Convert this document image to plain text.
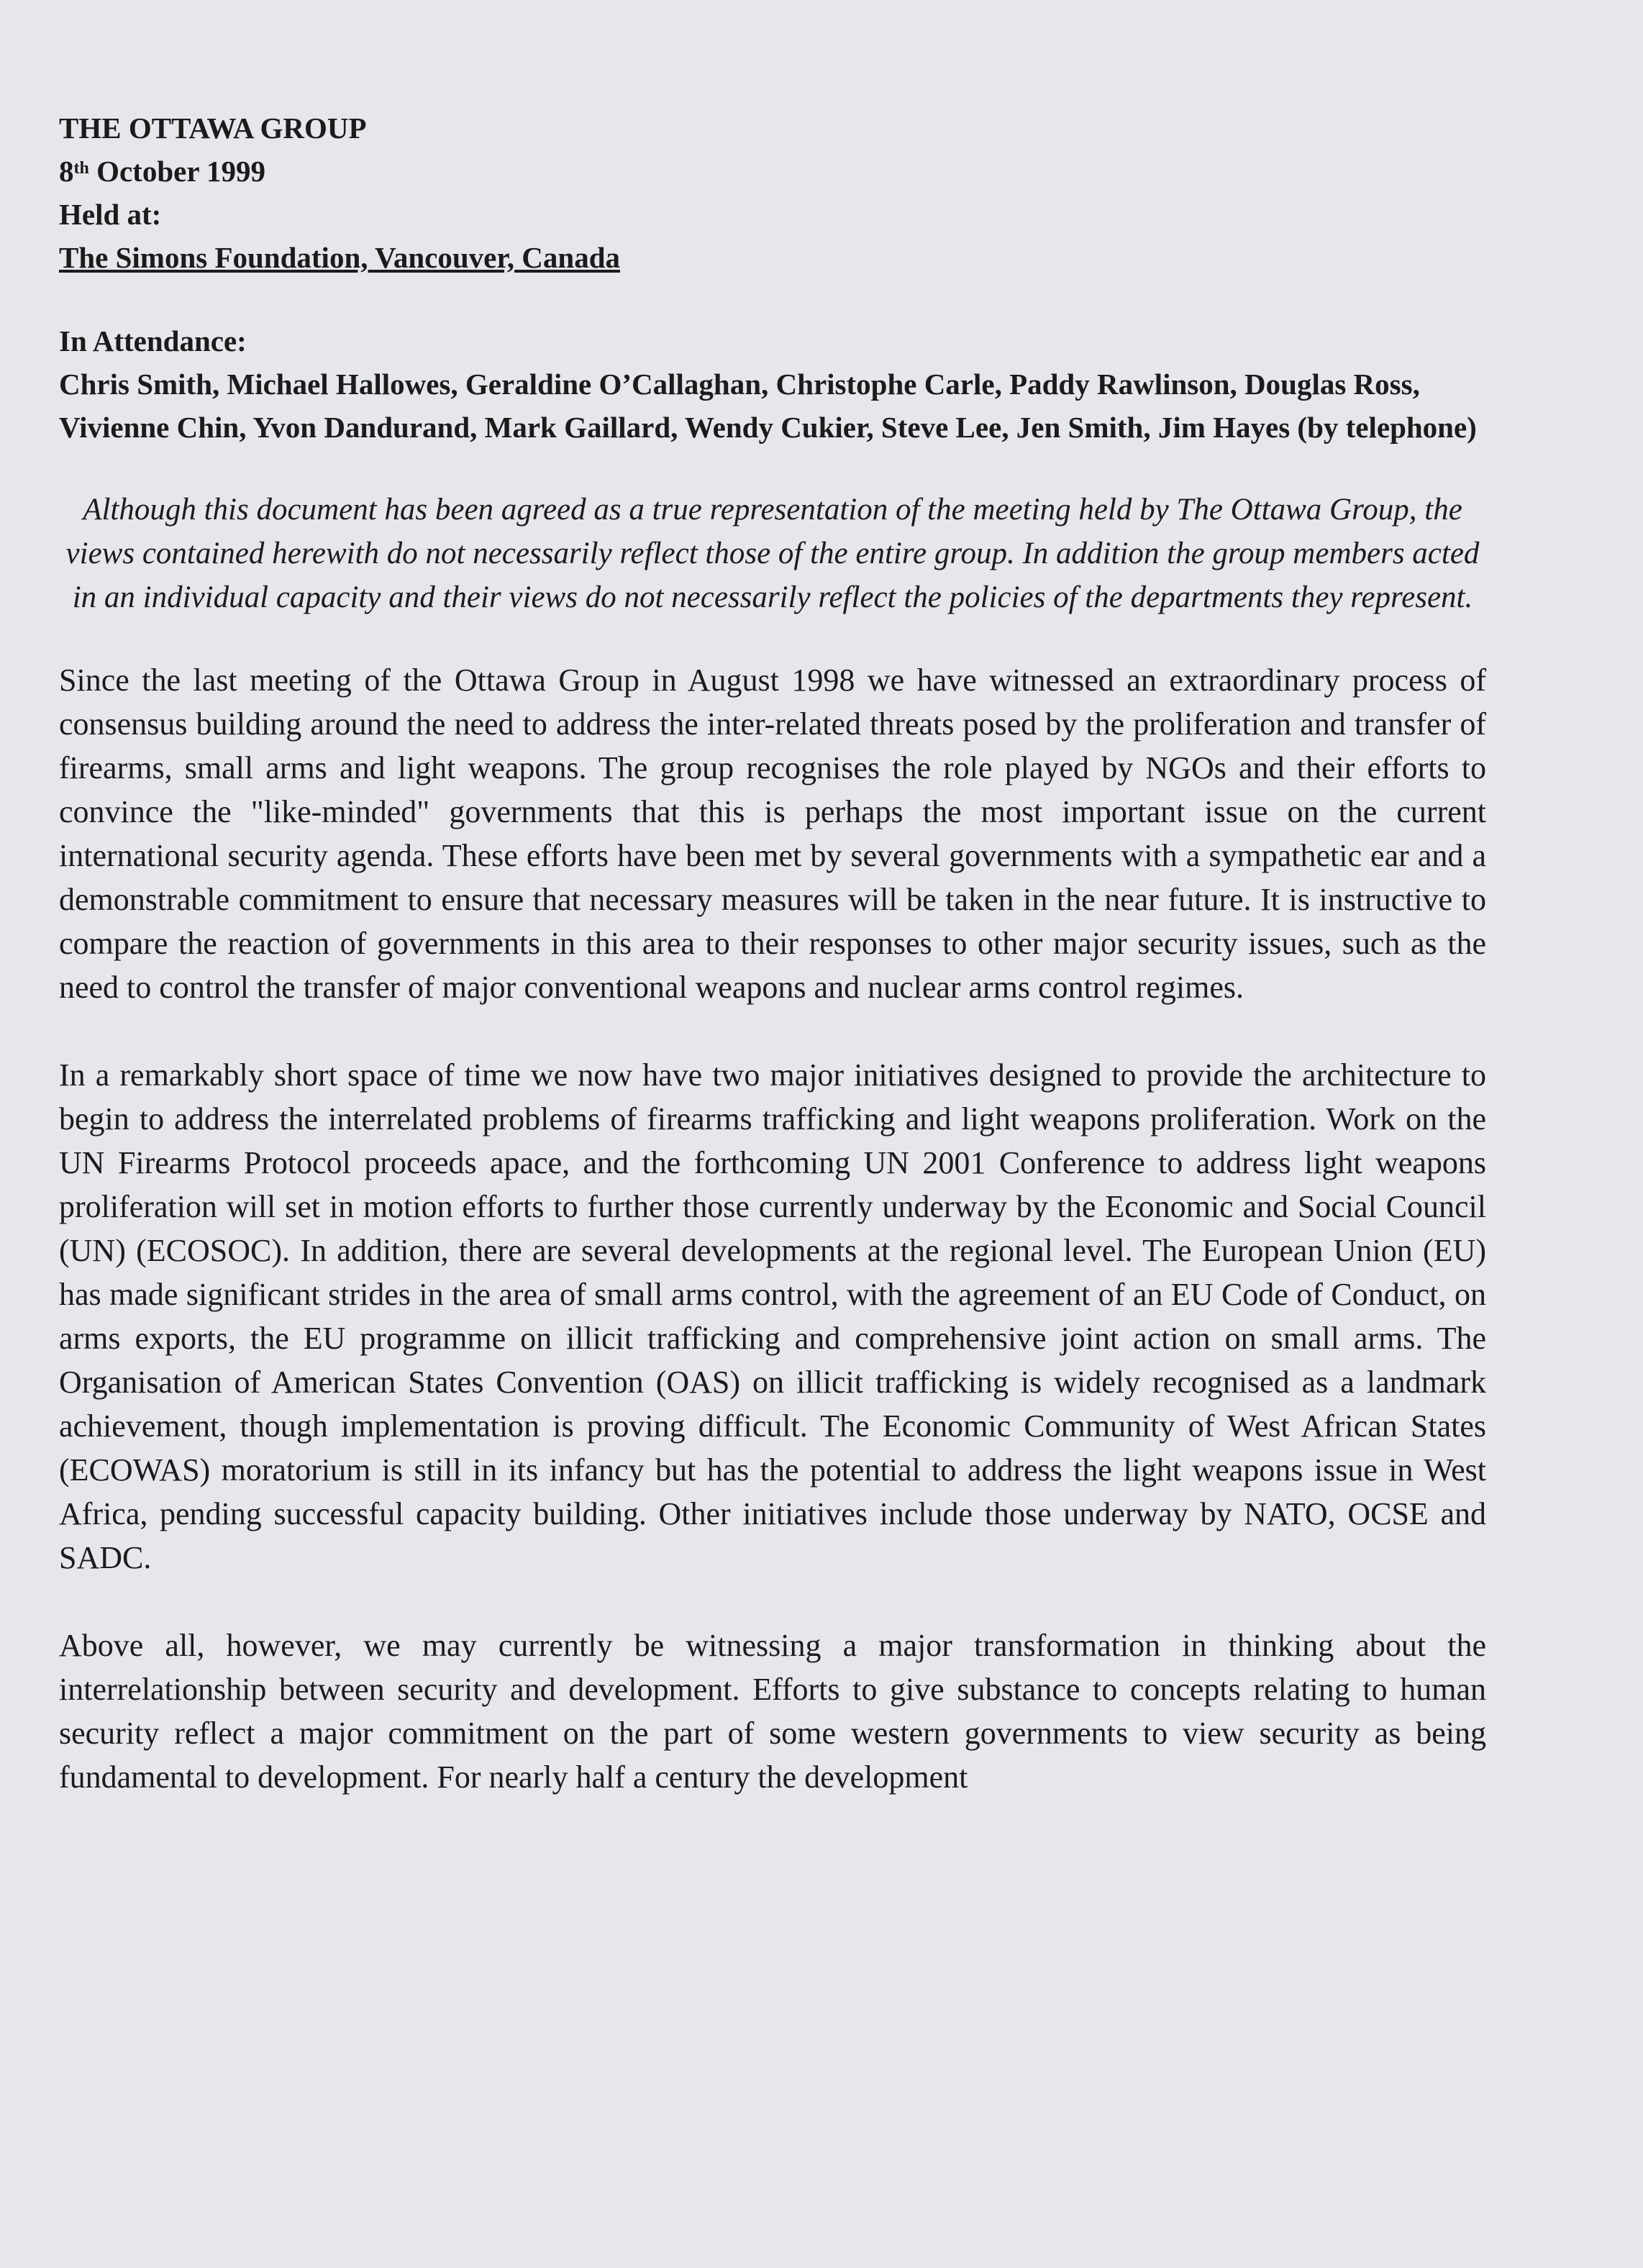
THE OTTAWA GROUP
8th October 1999
Held at:
The Simons Foundation, Vancouver, Canada
In Attendance:
Chris Smith, Michael Hallowes, Geraldine O’Callaghan, Christophe Carle, Paddy Rawlinson, Douglas Ross, Vivienne Chin, Yvon Dandurand, Mark Gaillard, Wendy Cukier, Steve Lee, Jen Smith, Jim Hayes (by telephone)
Although this document has been agreed as a true representation of the meeting held by The Ottawa Group, the views contained herewith do not necessarily reflect those of the entire group. In addition the group members acted in an individual capacity and their views do not necessarily reflect the policies of the departments they represent.

Since the last meeting of the Ottawa Group in August 1998 we have witnessed an extraordinary process of consensus building around the need to address the inter-related threats posed by the proliferation and transfer of firearms, small arms and light weapons. The group recognises the role played by NGOs and their efforts to convince the "like-minded" governments that this is perhaps the most important issue on the current international security agenda. These efforts have been met by several governments with a sympathetic ear and a demonstrable commitment to ensure that necessary measures will be taken in the near future. It is instructive to compare the reaction of governments in this area to their responses to other major security issues, such as the need to control the transfer of major conventional weapons and nuclear arms control regimes.

In a remarkably short space of time we now have two major initiatives designed to provide the architecture to begin to address the interrelated problems of firearms trafficking and light weapons proliferation. Work on the UN Firearms Protocol proceeds apace, and the forthcoming UN 2001 Conference to address light weapons proliferation will set in motion efforts to further those currently underway by the Economic and Social Council (UN) (ECOSOC). In addition, there are several developments at the regional level. The European Union (EU) has made significant strides in the area of small arms control, with the agreement of an EU Code of Conduct, on arms exports, the EU programme on illicit trafficking and comprehensive joint action on small arms. The Organisation of American States Convention (OAS) on illicit trafficking is widely recognised as a landmark achievement, though implementation is proving difficult. The Economic Community of West African States (ECOWAS) moratorium is still in its infancy but has the potential to address the light weapons issue in West Africa, pending successful capacity building. Other initiatives include those underway by NATO, OCSE and SADC.

Above all, however, we may currently be witnessing a major transformation in thinking about the interrelationship between security and development. Efforts to give substance to concepts relating to human security reflect a major commitment on the part of some western governments to view security as being fundamental to development. For nearly half a century the development
